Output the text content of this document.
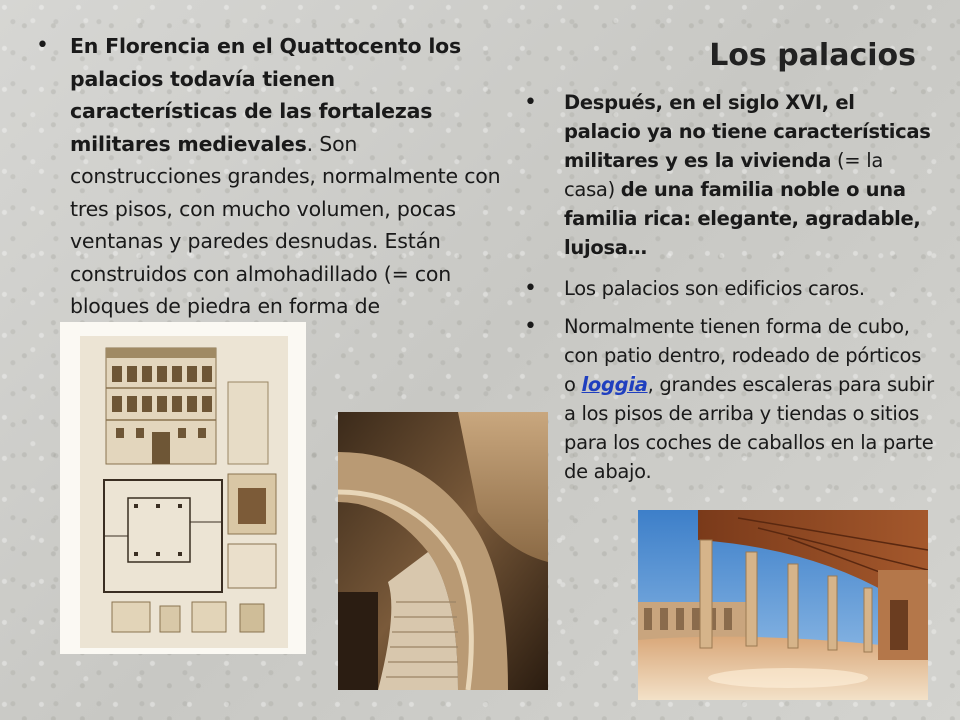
Los palacios
• En Florencia en el Quattocento los palacios todavía tienen características de las fortalezas militares medievales. Son construcciones grandes, normalmente con tres pisos, con mucho volumen, pocas ventanas y paredes desnudas. Están construidos con almohadillado (= con bloques de piedra en forma de
• Después, en el siglo XVI, el palacio ya no tiene características militares y es la vivienda (= la casa) de una familia noble o una familia rica: elegante, agradable, lujosa…
• Los palacios son edificios caros.
• Normalmente tienen forma de cubo, con patio dentro, rodeado de pórticos o loggia, grandes escaleras para subir a los pisos de arriba y tiendas o sitios para los coches de caballos en la parte de abajo.
